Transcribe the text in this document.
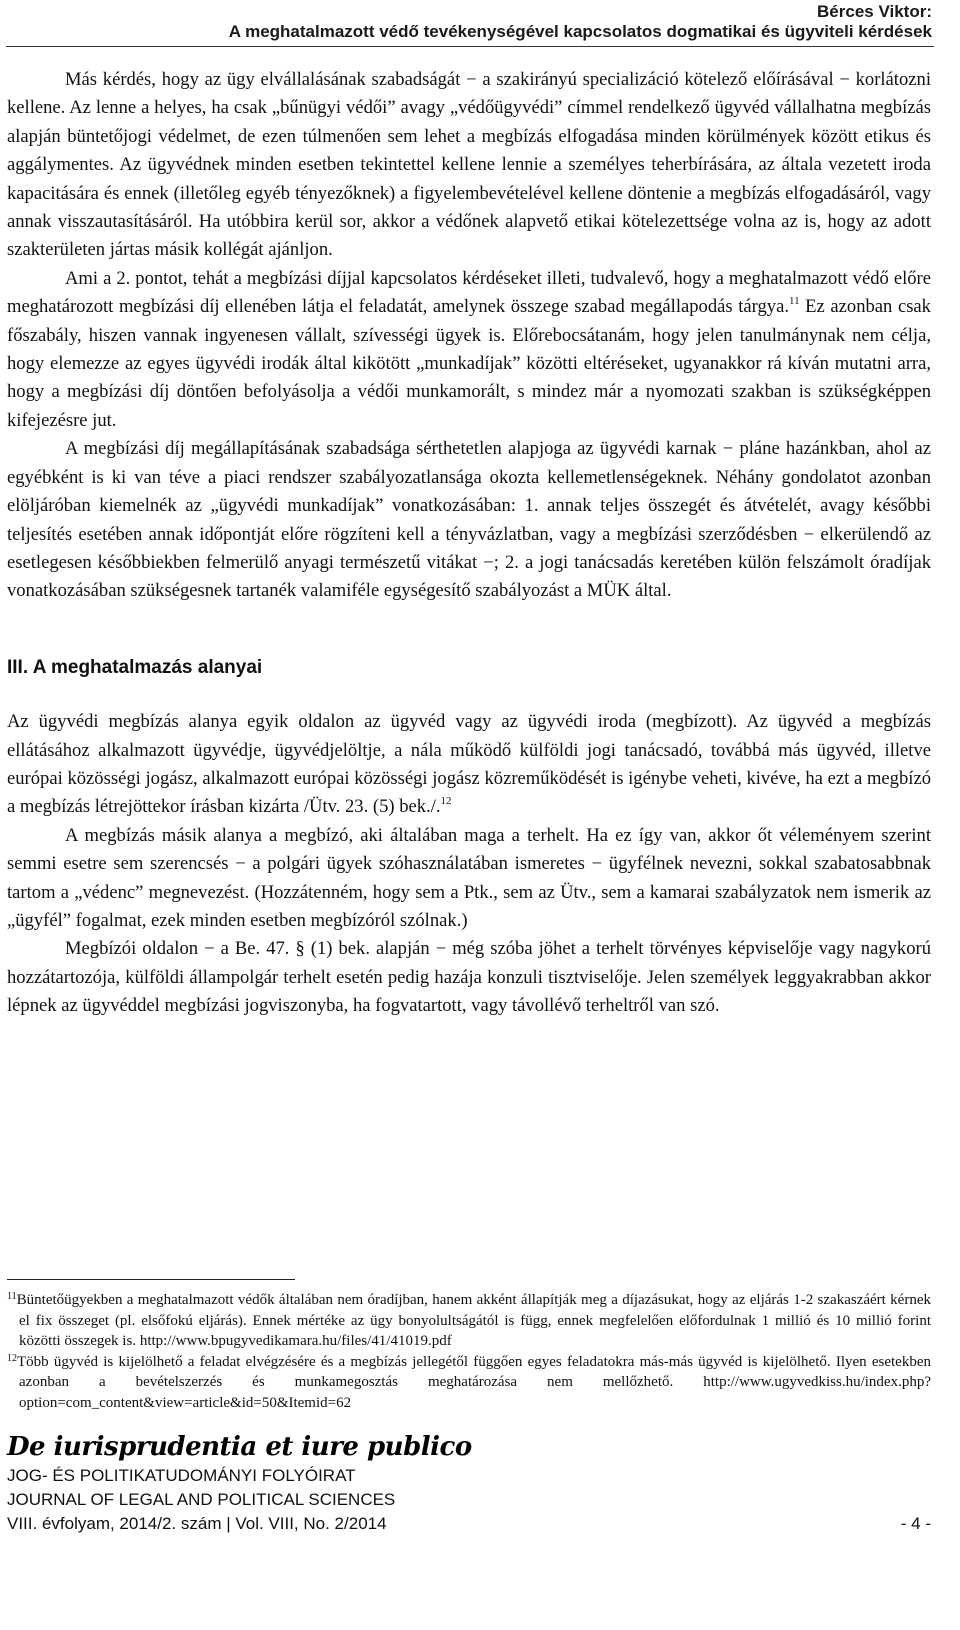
Bérces Viktor:
A meghatalmazott védő tevékenységével kapcsolatos dogmatikai és ügyviteli kérdések

Más kérdés, hogy az ügy elvállalásának szabadságát − a szakirányú specializáció kötelező előírásával − korlátozni kellene. Az lenne a helyes, ha csak „bűnügyi védői” avagy „védőügyvédi” címmel rendelkező ügyvéd vállalhatna megbízás alapján büntetőjogi védelmet, de ezen túlmenően sem lehet a megbízás elfogadása minden körülmények között etikus és aggálymentes. Az ügyvédnek minden esetben tekintettel kellene lennie a személyes teherbírására, az általa vezetett iroda kapacitására és ennek (illetőleg egyéb tényezőknek) a figyelembevételével kellene döntenie a megbízás elfogadásáról, vagy annak visszautasításáról. Ha utóbbira kerül sor, akkor a védőnek alapvető etikai kötelezettsége volna az is, hogy az adott szakterületen jártas másik kollégát ajánljon.

Ami a 2. pontot, tehát a megbízási díjjal kapcsolatos kérdéseket illeti, tudvalevő, hogy a meghatalmazott védő előre meghatározott megbízási díj ellenében látja el feladatát, amelynek összege szabad megállapodás tárgya.$^{11}$ Ez azonban csak főszabály, hiszen vannak ingyenesen vállalt, szívességi ügyek is. Előrebocsátanám, hogy jelen tanulmánynak nem célja, hogy elemezze az egyes ügyvédi irodák által kikötött „munkadíjak” közötti eltéréseket, ugyanakkor rá kíván mutatni arra, hogy a megbízási díj döntően befolyásolja a védői munkamorált, s mindez már a nyomozati szakban is szükségképpen kifejezésre jut.

A megbízási díj megállapításának szabadsága sérthetetlen alapjoga az ügyvédi karnak − pláne hazánkban, ahol az egyébként is ki van téve a piaci rendszer szabályozatlansága okozta kellemetlenségeknek. Néhány gondolatot azonban elöljáróban kiemelnék az „ügyvédi munkadíjak” vonatkozásában: 1. annak teljes összegét és átvételét, avagy későbbi teljesítés esetében annak időpontját előre rögzíteni kell a tényvázlatban, vagy a megbízási szerződésben − elkerülendő az esetlegesen későbbiekben felmerülő anyagi természetű vitákat −; 2. a jogi tanácsadás keretében külön felszámolt óradíjak vonatkozásában szükségesnek tartanék valamiféle egységesítő szabályozást a MÜK által.

III. A meghatalmazás alanyai

Az ügyvédi megbízás alanya egyik oldalon az ügyvéd vagy az ügyvédi iroda (megbízott). Az ügyvéd a megbízás ellátásához alkalmazott ügyvédje, ügyvédjelöltje, a nála működő külföldi jogi tanácsadó, továbbá más ügyvéd, illetve európai közösségi jogász, alkalmazott európai közösségi jogász közreműködését is igénybe veheti, kivéve, ha ezt a megbízó a megbízás létrejöttekor írásban kizárta /Ütv. 23. (5) bek./.$^{12}$

A megbízás másik alanya a megbízó, aki általában maga a terhelt. Ha ez így van, akkor őt véleményem szerint semmi esetre sem szerencsés − a polgári ügyek szóhasználatában ismeretes − ügyfélnek nevezni, sokkal szabatosabbnak tartom a „védenc” megnevezést. (Hozzátenném, hogy sem a Ptk., sem az Ütv., sem a kamarai szabályzatok nem ismerik az „ügyfél” fogalmat, ezek minden esetben megbízóról szólnak.)

Megbízói oldalon − a Be. 47. § (1) bek. alapján − még szóba jöhet a terhelt törvényes képviselője vagy nagykorú hozzátartozója, külföldi állampolgár terhelt esetén pedig hazája konzuli tisztviselője. Jelen személyek leggyakrabban akkor lépnek az ügyvéddel megbízási jogviszonyba, ha fogvatartott, vagy távollévő terheltről van szó.

$^{11}$Büntetőügyekben a meghatalmazott védők általában nem óradíjban, hanem akként állapítják meg a díjazásukat, hogy az eljárás 1-2 szakaszáért kérnek el fix összeget (pl. elsőfokú eljárás). Ennek mértéke az ügy bonyolultságától is függ, ennek megfelelően előfordulnak 1 millió és 10 millió forint közötti összegek is. http://www.bpugyvedikamara.hu/files/41/41019.pdf

$^{12}$Több ügyvéd is kijelölhető a feladat elvégzésére és a megbízás jellegétől függően egyes feladatokra más-más ügyvéd is kijelölhető. Ilyen esetekben azonban a bevételszerzés és munkamegosztás meghatározása nem mellőzhető. http://www.ugyvedkiss.hu/index.php?option=com_content&view=article&id=50&Itemid=62

De iurisprudentia et iure publico
JOG- ÉS POLITIKATUDOMÁNYI FOLYÓIRAT
JOURNAL OF LEGAL AND POLITICAL SCIENCES
VIII. évfolyam, 2014/2. szám | Vol. VIII, No. 2/2014	- 4 -
